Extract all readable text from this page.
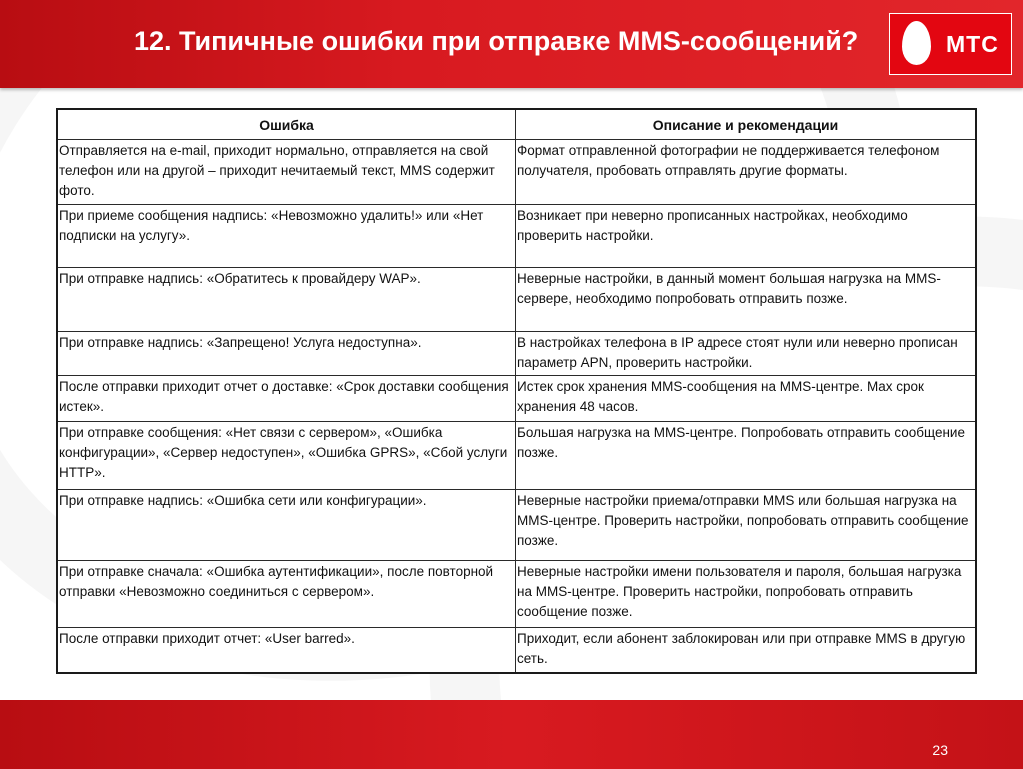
12. Типичные ошибки при отправке MMS-сообщений?	МТС
Ошибка	Описание и рекомендации
Отправляется на e-mail, приходит нормально, отправляется на свой телефон или на другой – приходит нечитаемый текст, MMS содержит фото.	Формат отправленной фотографии не поддерживается телефоном получателя, пробовать отправлять другие форматы.
При приеме сообщения надпись: «Невозможно удалить!» или «Нет подписки на услугу».	Возникает при неверно прописанных настройках, необходимо проверить настройки.
При отправке надпись: «Обратитесь к провайдеру WAP».	Неверные настройки, в данный момент большая нагрузка на MMS-сервере, необходимо попробовать отправить позже.
При отправке надпись: «Запрещено! Услуга недоступна».	В настройках телефона в IP адресе стоят нули или неверно прописан параметр APN, проверить настройки.
После отправки приходит отчет о доставке: «Срок доставки сообщения истек».	Истек срок хранения MMS-сообщения на MMS-центре. Max срок хранения 48 часов.
При отправке сообщения: «Нет связи с сервером», «Ошибка конфигурации», «Сервер недоступен», «Ошибка GPRS», «Сбой услуги HTTP».	Большая нагрузка на MMS-центре. Попробовать отправить сообщение позже.
При отправке надпись: «Ошибка сети или конфигурации».	Неверные настройки приема/отправки MMS или большая нагрузка на MMS-центре. Проверить настройки, попробовать отправить сообщение позже.
При отправке сначала: «Ошибка аутентификации», после повторной отправки «Невозможно соединиться с сервером».	Неверные настройки имени пользователя и пароля, большая нагрузка на MMS-центре. Проверить настройки, попробовать отправить сообщение позже.
После отправки приходит отчет: «User barred».	Приходит, если абонент заблокирован или при отправке MMS в другую сеть.
23
